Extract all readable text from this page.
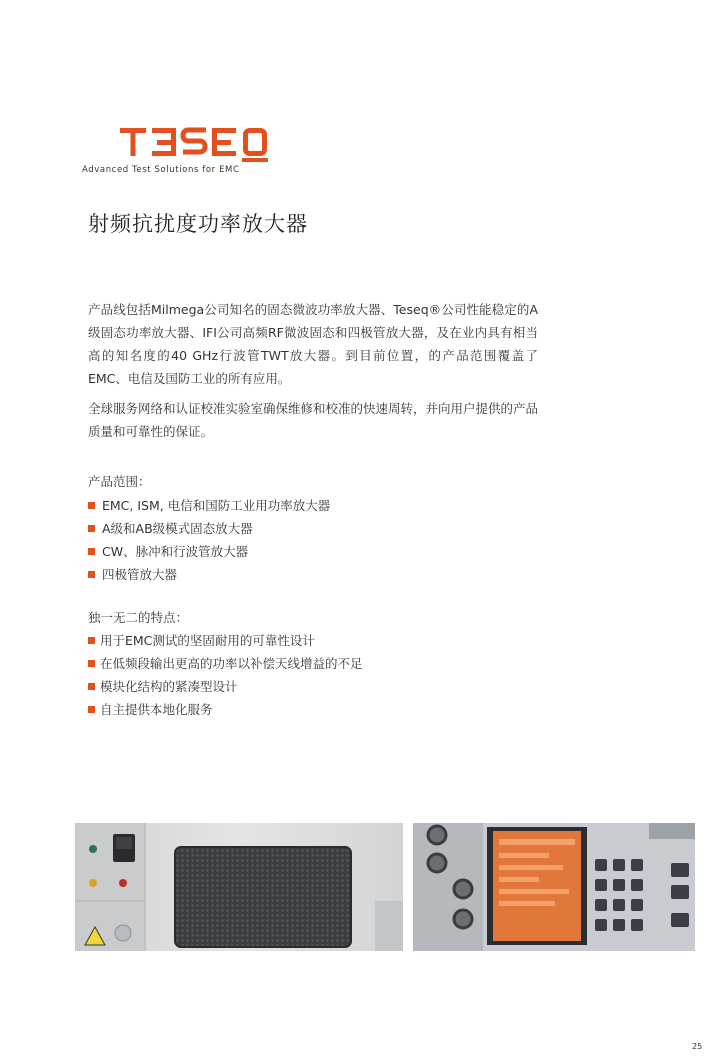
Advanced Test Solutions for EMC
射频抗扰度功率放大器

产品线包括Milmega公司知名的固态微波功率放大器、Teseq®公司性能稳定的A级固态功率放大器、IFI公司高频RF微波固态和四极管放大器，及在业内具有相当高的知名度的40 GHz行波管TWT放大器。到目前位置，的产品范围覆盖了EMC、电信及国防工业的所有应用。

全球服务网络和认证校准实验室确保维修和校准的快速周转，并向用户提供的产品质量和可靠性的保证。

产品范围：

EMC, ISM, 电信和国防工业用功率放大器
A级和AB级模式固态放大器
CW、脉冲和行波管放大器
四极管放大器

独一无二的特点：

用于EMC测试的坚固耐用的可靠性设计
在低频段输出更高的功率以补偿天线增益的不足
模块化结构的紧凑型设计
自主提供本地化服务
25
